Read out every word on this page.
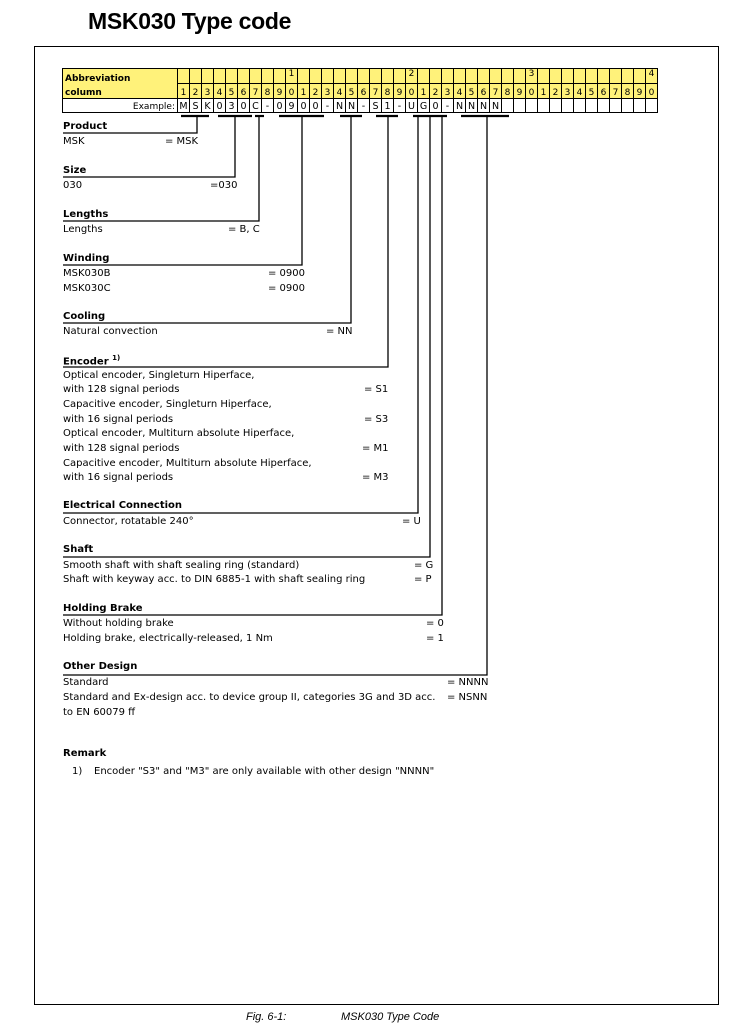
MSK030 Type code
Abbreviation										1										2										3										4
column	1	2	3	4	5	6	7	8	9	0	1	2	3	4	5	6	7	8	9	0	1	2	3	4	5	6	7	8	9	0	1	2	3	4	5	6	7	8	9	0
Example:	M	S	K	0	3	0	C	-	0	9	0	0	-	N	N	-	S	1	-	U	G	0	-	N	N	N	N													
Product
MSK	= MSK
Size
030	=030
Lengths
Lengths	= B, C
Winding
MSK030B	= 0900
MSK030C	= 0900
Cooling
Natural convection	= NN
Encoder $^{1)}$
Optical encoder, Singleturn Hiperface,
with 128 signal periods	= S1
Capacitive encoder, Singleturn Hiperface,
with 16 signal periods	= S3
Optical encoder, Multiturn absolute Hiperface,
with 128 signal periods	= M1
Capacitive encoder, Multiturn absolute Hiperface,
with 16 signal periods	= M3
Electrical Connection
Connector, rotatable 240°	= U
Shaft
Smooth shaft with shaft sealing ring (standard)	= G
Shaft with keyway acc. to DIN 6885-1 with shaft sealing ring	= P
Holding Brake
Without holding brake	= 0
Holding brake, electrically-released, 1 Nm	= 1
Other Design
Standard	= NNNN
Standard and Ex-design acc. to device group II, categories 3G and 3D acc. = NSNN
to EN 60079 ff
Remark
1) Encoder "S3" and "M3" are only available with other design "NNNN"
Fig. 6-1:	MSK030 Type Code
